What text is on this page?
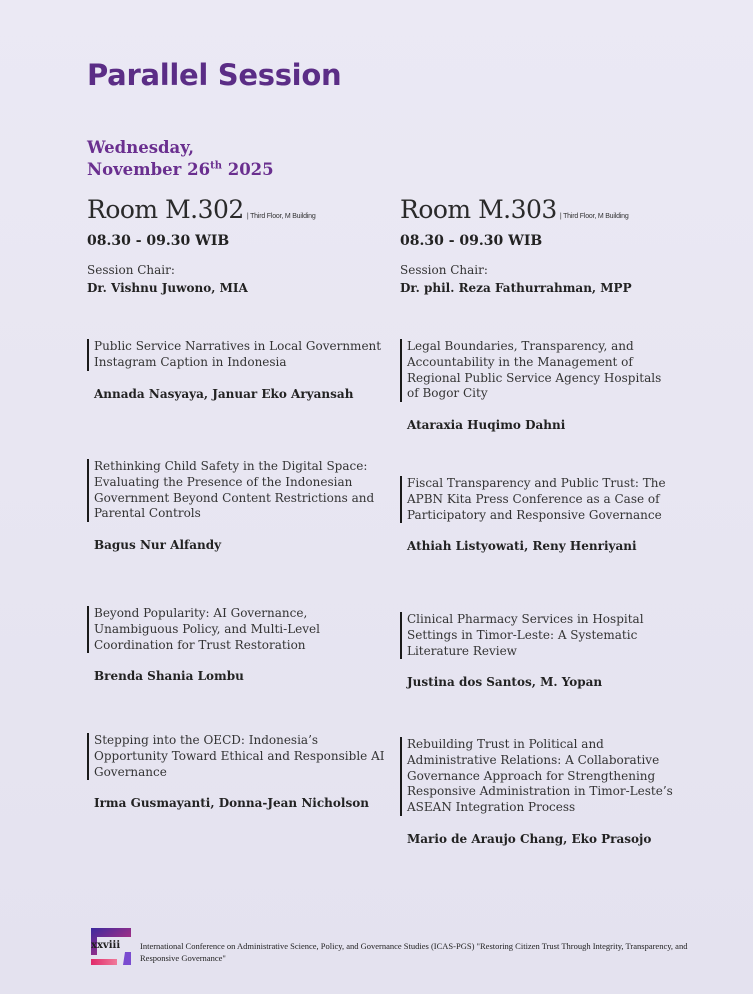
Parallel Session
Wednesday,
November 26th 2025
Room M.302 | Third Floor, M Building
08.30 - 09.30 WIB
Session Chair:
Dr. Vishnu Juwono, MIA
Public Service Narratives in Local Government Instagram Caption in Indonesia
Annada Nasyaya, Januar Eko Aryansah
Rethinking Child Safety in the Digital Space: Evaluating the Presence of the Indonesian Government Beyond Content Restrictions and Parental Controls
Bagus Nur Alfandy
Beyond Popularity: AI Governance, Unambiguous Policy, and Multi-Level Coordination for Trust Restoration
Brenda Shania Lombu
Stepping into the OECD: Indonesia’s Opportunity Toward Ethical and Responsible AI Governance
Irma Gusmayanti, Donna-Jean Nicholson
Room M.303 | Third Floor, M Building
08.30 - 09.30 WIB
Session Chair:
Dr. phil. Reza Fathurrahman, MPP
Legal Boundaries, Transparency, and Accountability in the Management of Regional Public Service Agency Hospitals of Bogor City
Ataraxia Huqimo Dahni
Fiscal Transparency and Public Trust: The APBN Kita Press Conference as a Case of Participatory and Responsive Governance
Athiah Listyowati, Reny Henriyani
Clinical Pharmacy Services in Hospital Settings in Timor-Leste: A Systematic Literature Review
Justina dos Santos, M. Yopan
Rebuilding Trust in Political and Administrative Relations: A Collaborative Governance Approach for Strengthening Responsive Administration in Timor-Leste’s ASEAN Integration Process
Mario de Araujo Chang, Eko Prasojo
xxviii International Conference on Administrative Science, Policy, and Governance Studies (ICAS-PGS) "Restoring Citizen Trust Through Integrity, Transparency, and Responsive Governance"
